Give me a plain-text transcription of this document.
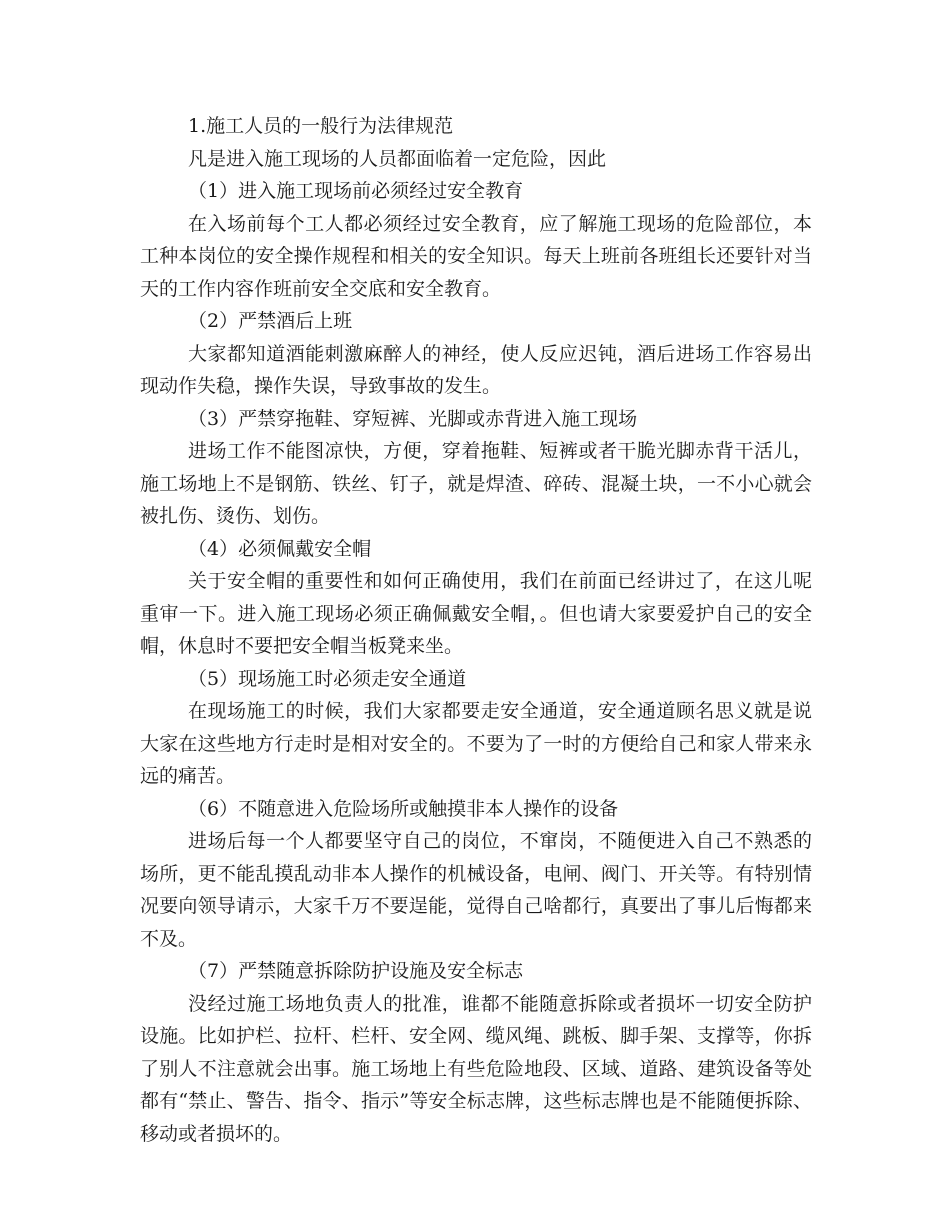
1.施工人员的一般行为法律规范

凡是进入施工现场的人员都面临着一定危险，因此

（1）进入施工现场前必须经过安全教育

在入场前每个工人都必须经过安全教育，应了解施工现场的危险部位，本工种本岗位的安全操作规程和相关的安全知识。每天上班前各班组长还要针对当天的工作内容作班前安全交底和安全教育。

（2）严禁酒后上班

大家都知道酒能刺激麻醉人的神经，使人反应迟钝，酒后进场工作容易出现动作失稳，操作失误，导致事故的发生。

（3）严禁穿拖鞋、穿短裤、光脚或赤背进入施工现场

进场工作不能图凉快，方便，穿着拖鞋、短裤或者干脆光脚赤背干活儿，施工场地上不是钢筋、铁丝、钉子，就是焊渣、碎砖、混凝土块，一不小心就会被扎伤、烫伤、划伤。

（4）必须佩戴安全帽

关于安全帽的重要性和如何正确使用，我们在前面已经讲过了，在这儿呢重审一下。进入施工现场必须正确佩戴安全帽，。但也请大家要爱护自己的安全帽，休息时不要把安全帽当板凳来坐。

（5）现场施工时必须走安全通道

在现场施工的时候，我们大家都要走安全通道，安全通道顾名思义就是说大家在这些地方行走时是相对安全的。不要为了一时的方便给自己和家人带来永远的痛苦。

（6）不随意进入危险场所或触摸非本人操作的设备

进场后每一个人都要坚守自己的岗位，不窜岗，不随便进入自己不熟悉的场所，更不能乱摸乱动非本人操作的机械设备，电闸、阀门、开关等。有特别情况要向领导请示，大家千万不要逞能，觉得自己啥都行，真要出了事儿后悔都来不及。

（7）严禁随意拆除防护设施及安全标志

没经过施工场地负责人的批准，谁都不能随意拆除或者损坏一切安全防护设施。比如护栏、拉杆、栏杆、安全网、缆风绳、跳板、脚手架、支撑等，你拆了别人不注意就会出事。施工场地上有些危险地段、区域、道路、建筑设备等处都有“禁止、警告、指令、指示”等安全标志牌，这些标志牌也是不能随便拆除、移动或者损坏的。
